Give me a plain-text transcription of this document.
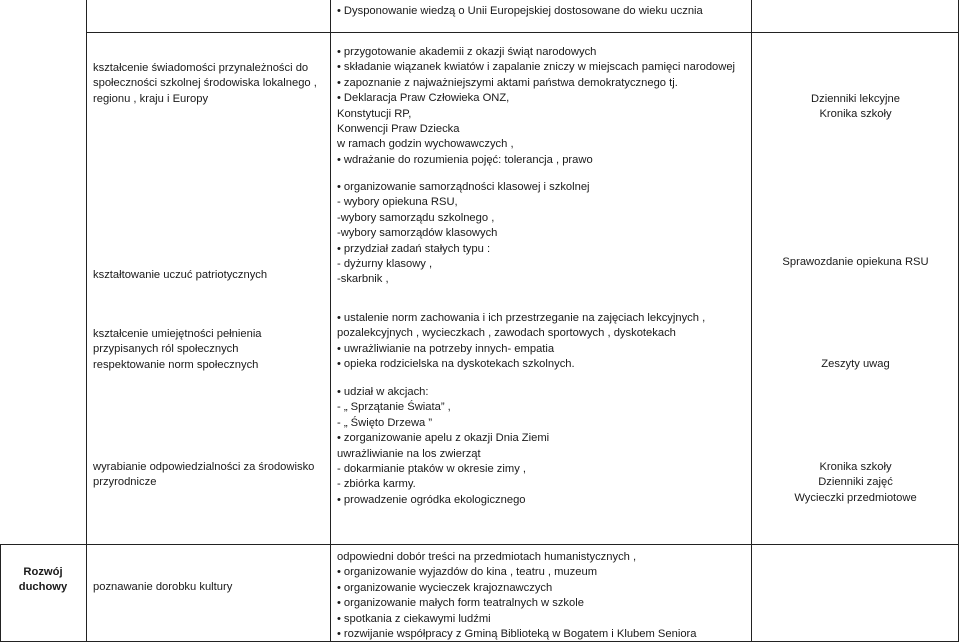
• Dysponowanie wiedzą o Unii Europejskiej dostosowane do wieku ucznia
kształcenie świadomości przynależności do
społeczności szkolnej środowiska lokalnego ,
regionu , kraju i Europy
• przygotowanie akademii z okazji świąt narodowych
• składanie wiązanek kwiatów i zapalanie zniczy w miejscach pamięci narodowej
• zapoznanie z najważniejszymi aktami państwa demokratycznego tj.
• Deklaracja Praw Człowieka ONZ,
Konstytucji RP,
Konwencji Praw Dziecka
w ramach godzin wychowawczych ,
• wdrażanie do rozumienia pojęć: tolerancja , prawo
Dzienniki lekcyjne
Kronika szkoły
kształtowanie uczuć patriotycznych
• organizowanie samorządności klasowej i szkolnej
- wybory opiekuna RSU,
-wybory samorządu szkolnego ,
-wybory samorządów klasowych
• przydział zadań stałych typu :
- dyżurny klasowy ,
-skarbnik ,
Sprawozdanie opiekuna RSU
kształcenie umiejętności pełnienia
przypisanych ról społecznych
respektowanie norm społecznych
• ustalenie norm zachowania i ich przestrzeganie na zajęciach lekcyjnych ,
pozalekcyjnych , wycieczkach , zawodach sportowych , dyskotekach
• uwrażliwianie na potrzeby innych- empatia
• opieka rodzicielska na dyskotekach szkolnych.	Zeszyty uwag
wyrabianie odpowiedzialności za środowisko
przyrodnicze
• udział w akcjach:
- „ Sprzątanie Świata” ,
- „ Święto Drzewa ”
• zorganizowanie apelu z okazji Dnia Ziemi
uwrażliwianie na los zwierząt
- dokarmianie ptaków w okresie zimy ,
- zbiórka karmy.
• prowadzenie ogródka ekologicznego
Kronika szkoły
Dzienniki zajęć
Wycieczki przedmiotowe
Rozwój
duchowy	poznawanie dorobku kultury
odpowiedni dobór treści na przedmiotach humanistycznych ,
• organizowanie wyjazdów do kina , teatru , muzeum
• organizowanie wycieczek krajoznawczych
• organizowanie małych form teatralnych w szkole
• spotkania z ciekawymi ludźmi
• rozwijanie współpracy z Gminą Biblioteką w Bogatem i Klubem Seniora
